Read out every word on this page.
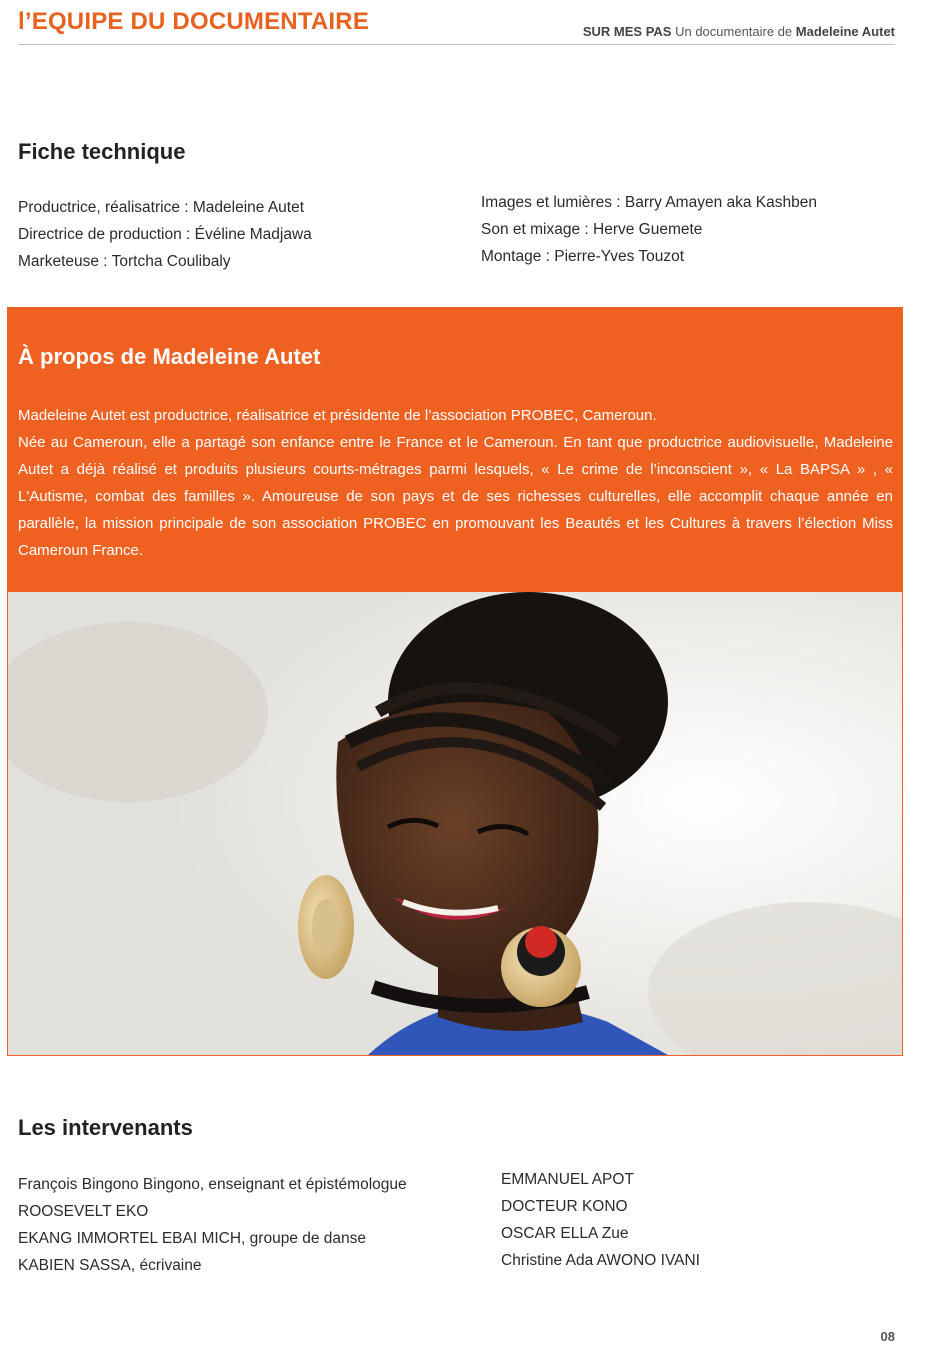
l’EQUIPE DU DOCUMENTAIRE	SUR MES PAS Un documentaire de Madeleine Autet
Fiche technique
Productrice, réalisatrice : Madeleine Autet
Directrice de production : Évéline Madjawa
Marketeuse : Tortcha Coulibaly
Images et lumières : Barry Amayen aka Kashben
Son et mixage : Herve Guemete
Montage : Pierre-Yves Touzot
À propos de Madeleine Autet
Madeleine Autet est productrice, réalisatrice et présidente de l’association PROBEC, Cameroun.
Née au Cameroun, elle a partagé son enfance entre le France et le Cameroun. En tant que productrice audiovisuelle, Madeleine Autet a déjà réalisé et produits plusieurs courts-métrages parmi lesquels, « Le crime de l’inconscient », « La BAPSA » , « L'Autisme, combat des familles ». Amoureuse de son pays et de ses richesses culturelles, elle accomplit chaque année en parallèle, la mission principale de son association PROBEC en promouvant les Beautés et les Cultures à travers l’élection Miss Cameroun France.
Les intervenants
François Bingono Bingono, enseignant et épistémologue
ROOSEVELT EKO
EKANG IMMORTEL EBAI MICH, groupe de danse
KABIEN SASSA, écrivaine
EMMANUEL APOT
DOCTEUR KONO
OSCAR ELLA Zue
Christine Ada AWONO IVANI
08
